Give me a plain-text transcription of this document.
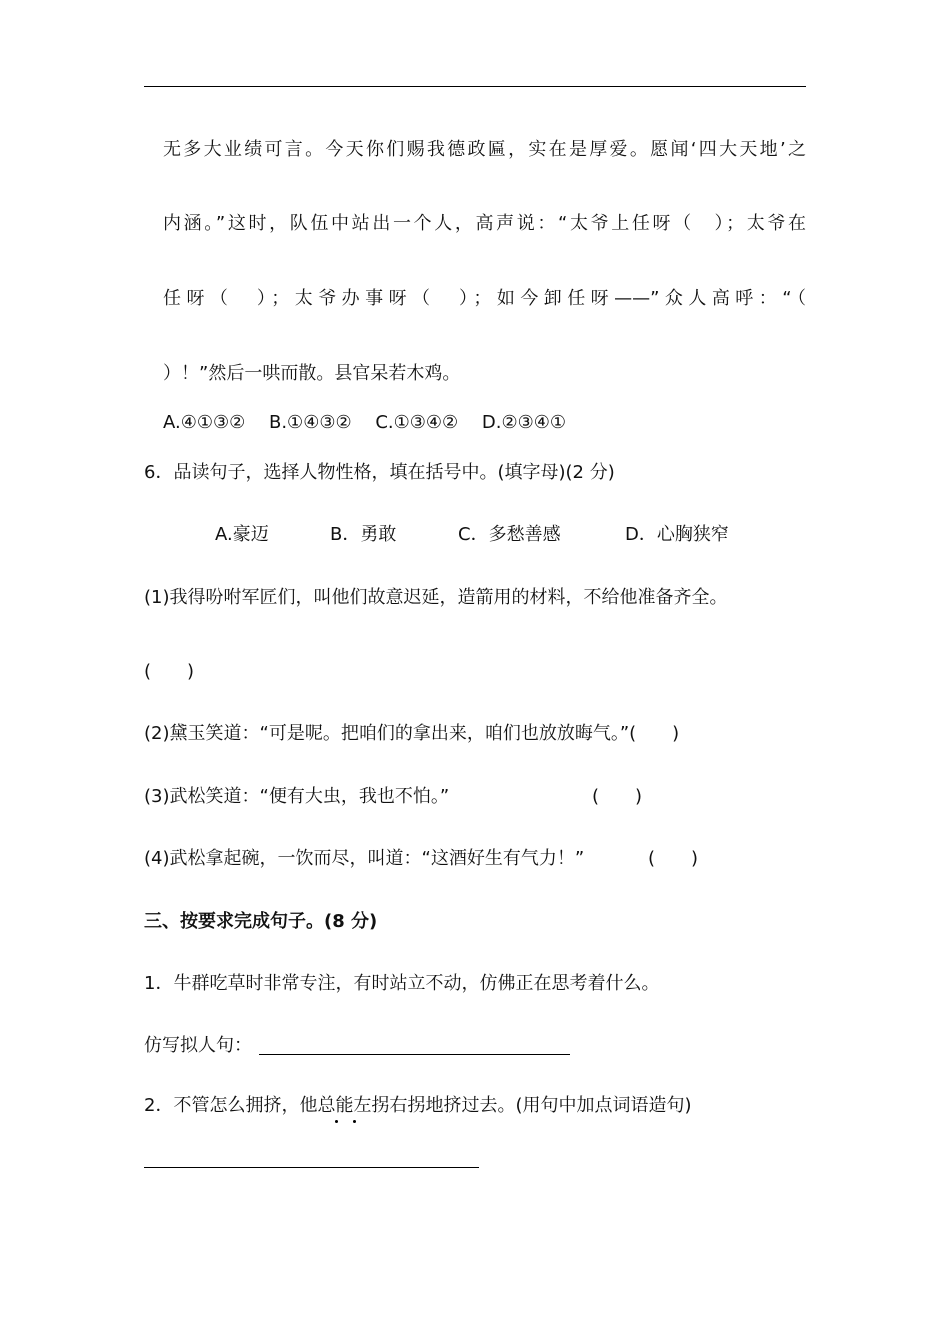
无多大业绩可言。今天你们赐我德政匾，实在是厚爱。愿闻‘四大天地’之
内涵。”这时，队伍中站出一个人，高声说：“太爷上任呀（　）；太爷在
任呀（　）；太爷办事呀（　）；如今卸任呀——”众人高呼：“（
）！”然后一哄而散。县官呆若木鸡。
A.④①③②　 B.①④③②　 C.①③④②　 D.②③④①
6．品读句子，选择人物性格，填在括号中。(填字母)(2 分)
A.豪迈	B．勇敢	C．多愁善感	D．心胸狭窄
(1)我得吩咐军匠们，叫他们故意迟延，造箭用的材料，不给他准备齐全。
(　　)
(2)黛玉笑道：“可是呢。把咱们的拿出来，咱们也放放晦气。”(　　)
(3)武松笑道：“便有大虫，我也不怕。”	(　　)
(4)武松拿起碗，一饮而尽，叫道：“这酒好生有气力！”	(　　)
三、按要求完成句子。(8 分)
1．牛群吃草时非常专注，有时站立不动，仿佛正在思考着什么。
仿写拟人句：
2．不管怎么拥挤，他总能左拐右拐地挤过去。(用句中加点词语造句)
